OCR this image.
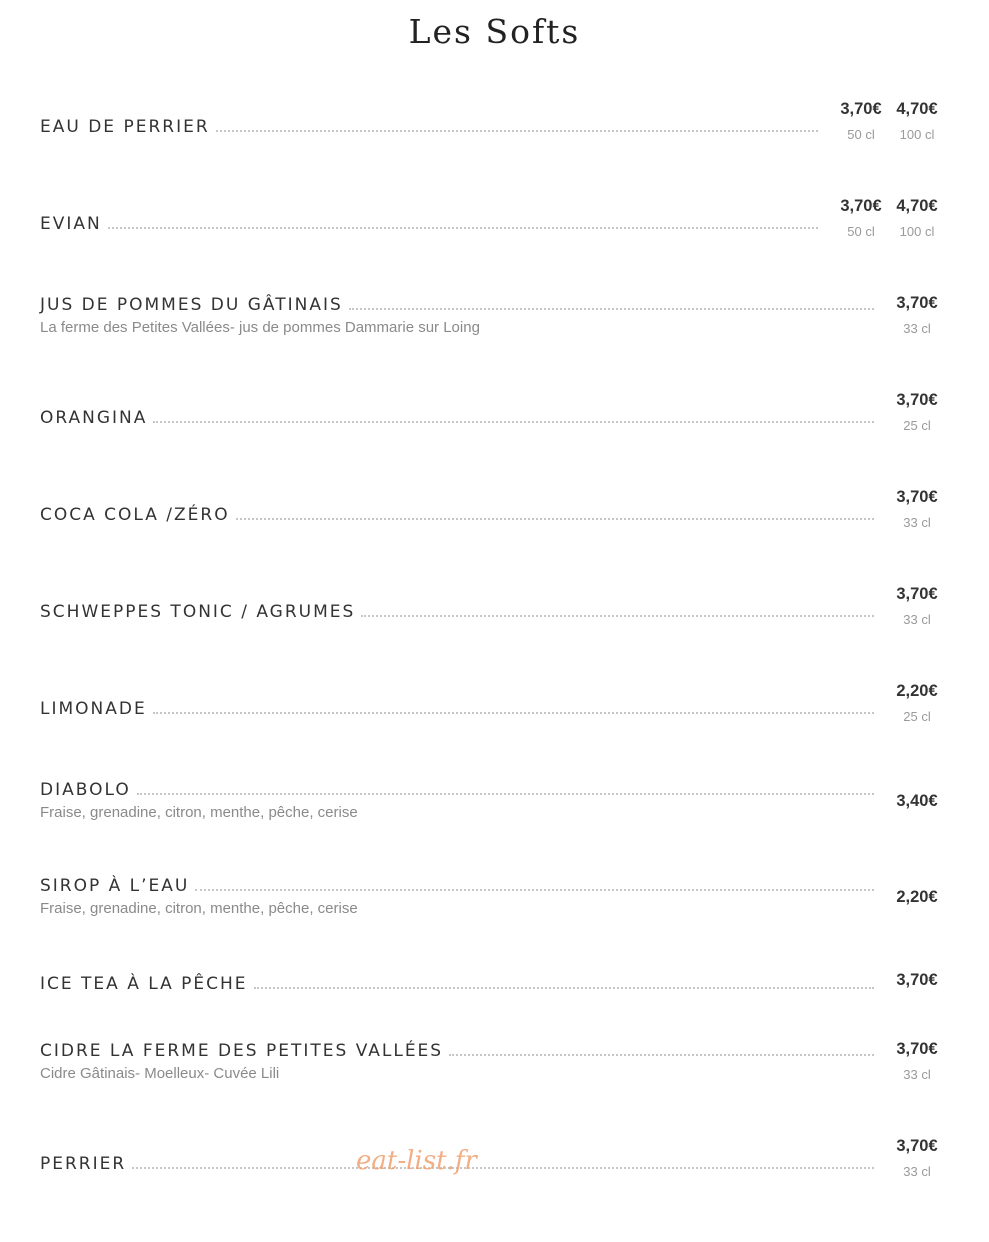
Les Softs
EAU DE PERRIER
3,70€
50 cl
4,70€
100 cl
EVIAN
3,70€
50 cl
4,70€
100 cl
JUS DE POMMES DU GÂTINAIS
La ferme des Petites Vallées- jus de pommes Dammarie sur Loing
3,70€
33 cl
ORANGINA
3,70€
25 cl
COCA COLA /ZÉRO
3,70€
33 cl
SCHWEPPES TONIC / AGRUMES
3,70€
33 cl
LIMONADE
2,20€
25 cl
DIABOLO
Fraise, grenadine, citron, menthe, pêche, cerise
3,40€
SIROP À L’EAU
Fraise, grenadine, citron, menthe, pêche, cerise
2,20€
ICE TEA À LA PÊCHE	3,70€
CIDRE LA FERME DES PETITES VALLÉES
Cidre Gâtinais- Moelleux- Cuvée Lili
3,70€
33 cl
PERRIER
3,70€
33 cl
eat-list.fr
